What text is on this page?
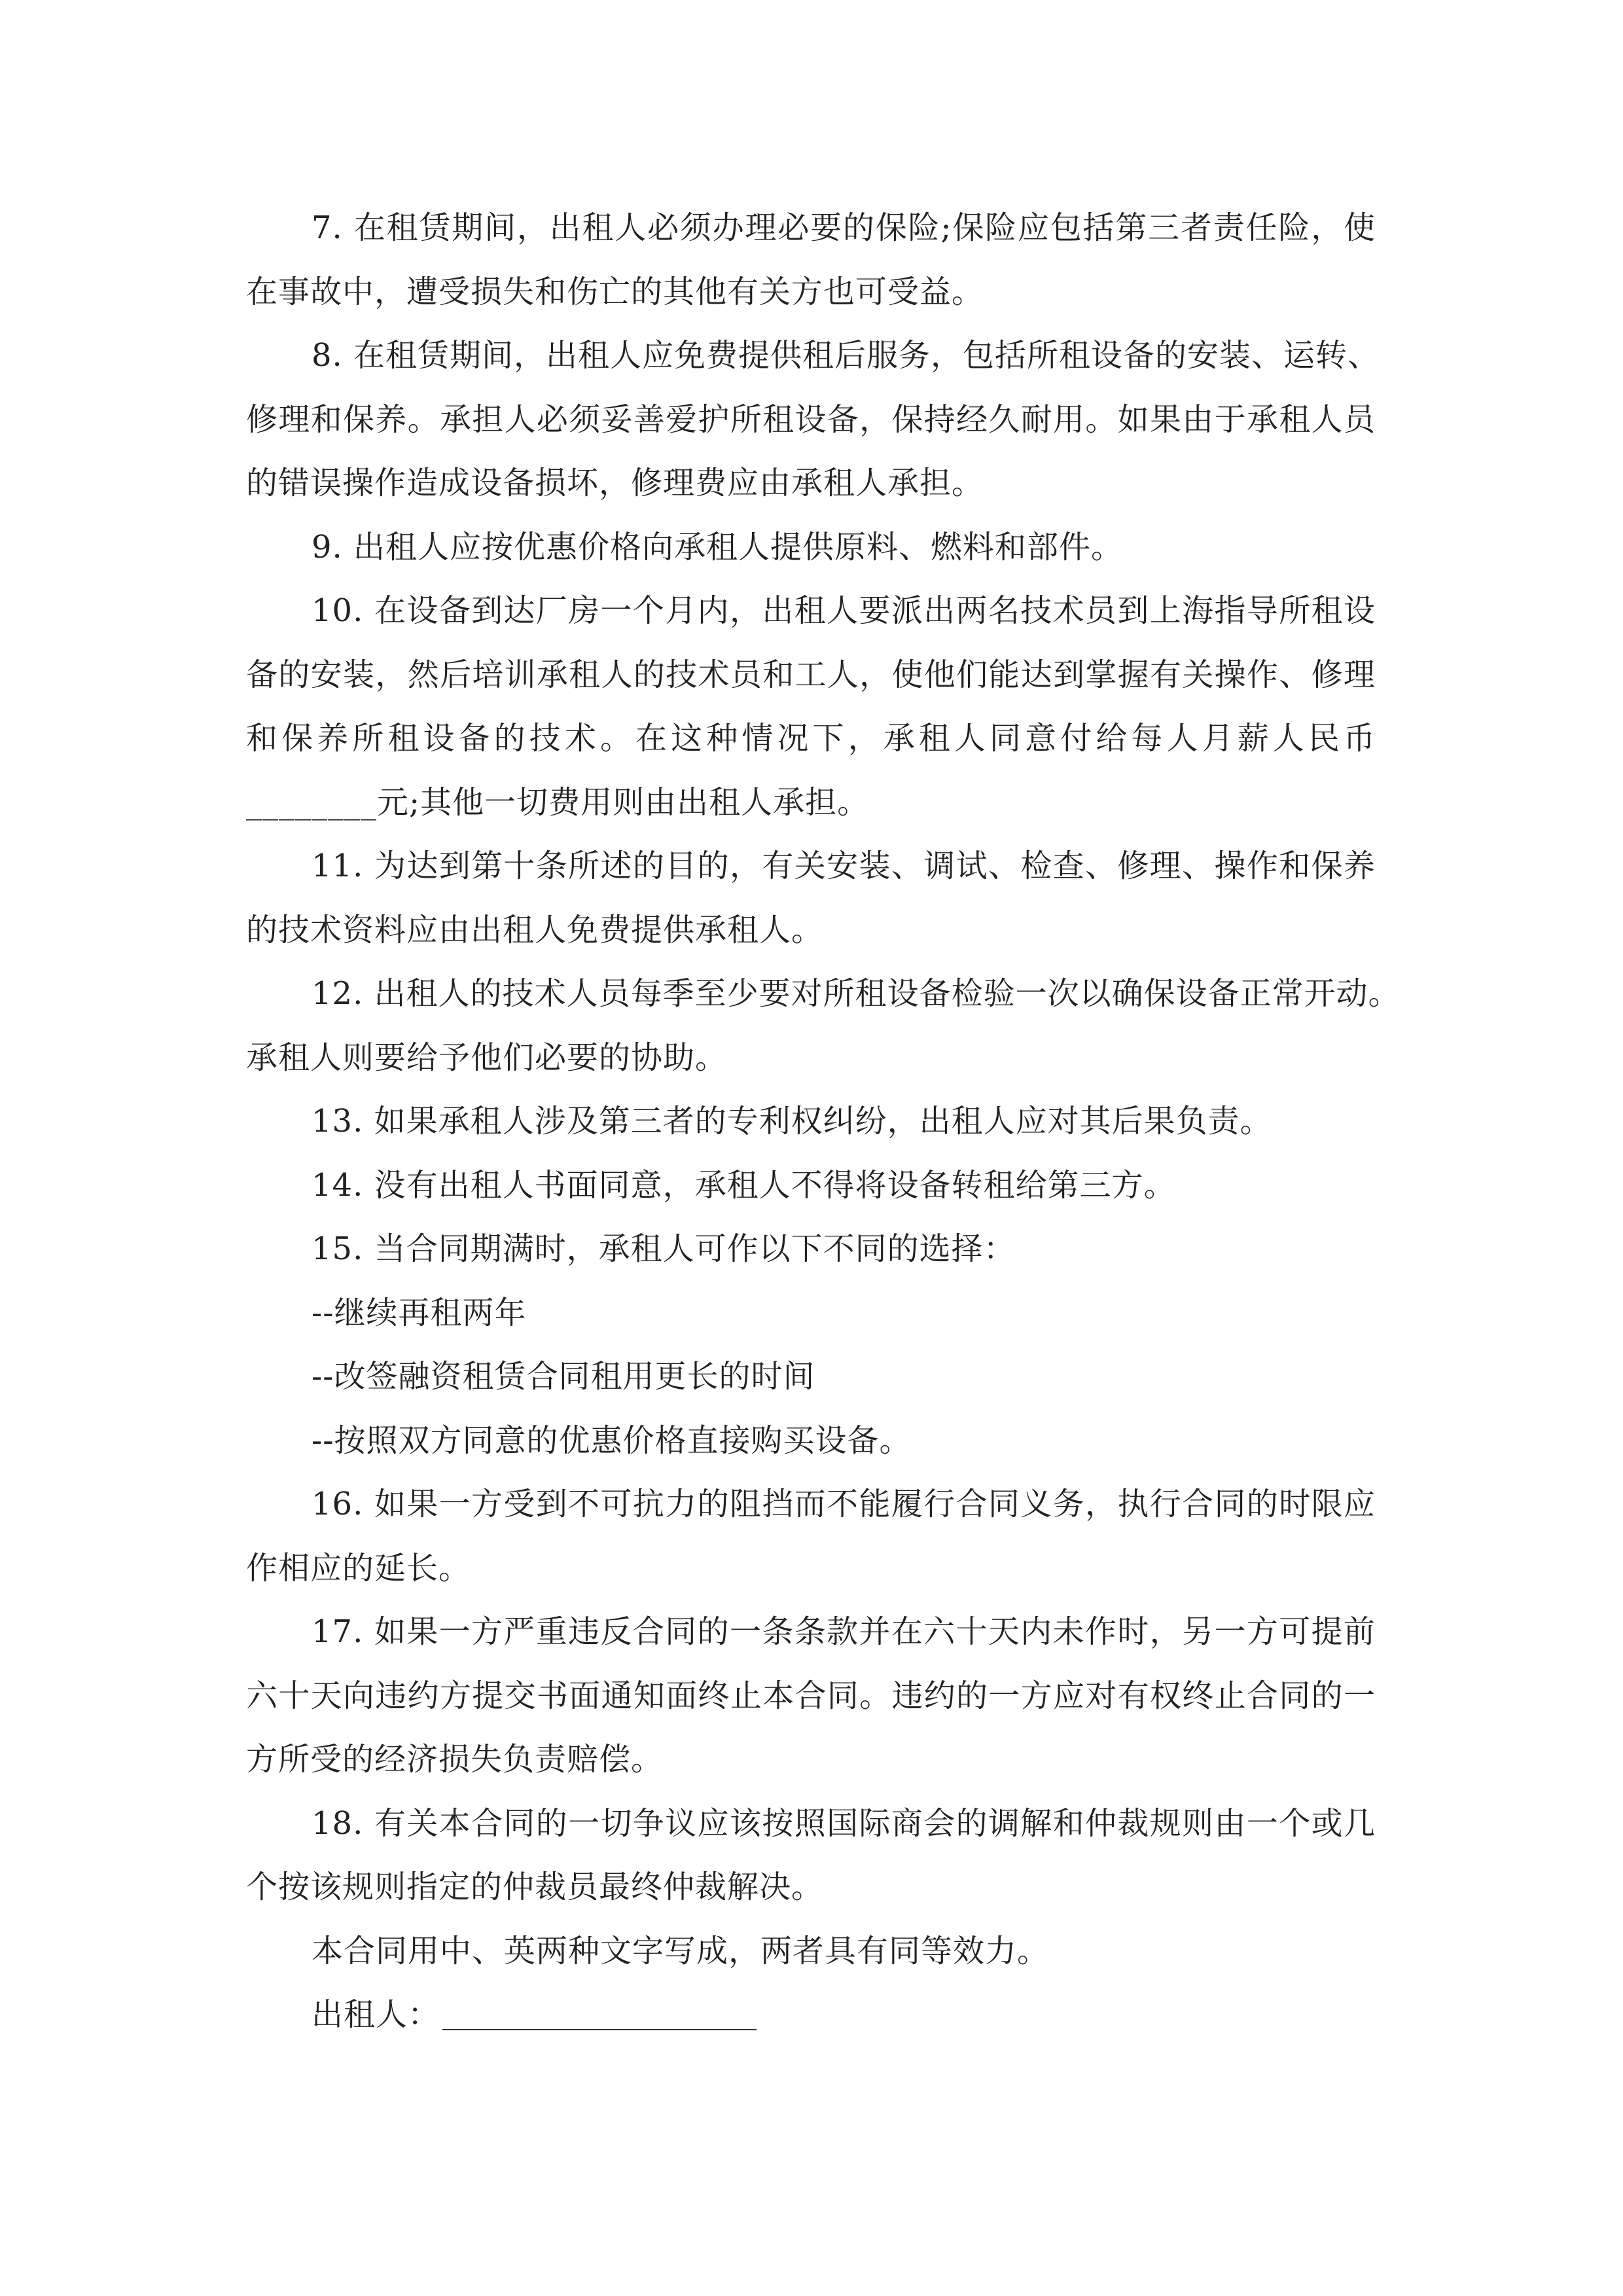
7. 在租赁期间，出租人必须办理必要的保险;保险应包括第三者责任险，使
在事故中，遭受损失和伤亡的其他有关方也可受益。
8. 在租赁期间，出租人应免费提供租后服务，包括所租设备的安装、运转、
修理和保养。承担人必须妥善爱护所租设备，保持经久耐用。如果由于承租人员
的错误操作造成设备损坏，修理费应由承租人承担。
9. 出租人应按优惠价格向承租人提供原料、燃料和部件。
10. 在设备到达厂房一个月内，出租人要派出两名技术员到上海指导所租设
备的安装，然后培训承租人的技术员和工人，使他们能达到掌握有关操作、修理
和保养所租设备的技术。在这种情况下，承租人同意付给每人月薪人民币
________元;其他一切费用则由出租人承担。
11. 为达到第十条所述的目的，有关安装、调试、检查、修理、操作和保养
的技术资料应由出租人免费提供承租人。
12. 出租人的技术人员每季至少要对所租设备检验一次以确保设备正常开动。
承租人则要给予他们必要的协助。
13. 如果承租人涉及第三者的专利权纠纷，出租人应对其后果负责。
14. 没有出租人书面同意，承租人不得将设备转租给第三方。
15. 当合同期满时，承租人可作以下不同的选择：
--继续再租两年
--改签融资租赁合同租用更长的时间
--按照双方同意的优惠价格直接购买设备。
16. 如果一方受到不可抗力的阻挡而不能履行合同义务，执行合同的时限应
作相应的延长。
17. 如果一方严重违反合同的一条条款并在六十天内未作时，另一方可提前
六十天向违约方提交书面通知面终止本合同。违约的一方应对有权终止合同的一
方所受的经济损失负责赔偿。
18. 有关本合同的一切争议应该按照国际商会的调解和仲裁规则由一个或几
个按该规则指定的仲裁员最终仲裁解决。
本合同用中、英两种文字写成，两者具有同等效力。
出租人：
